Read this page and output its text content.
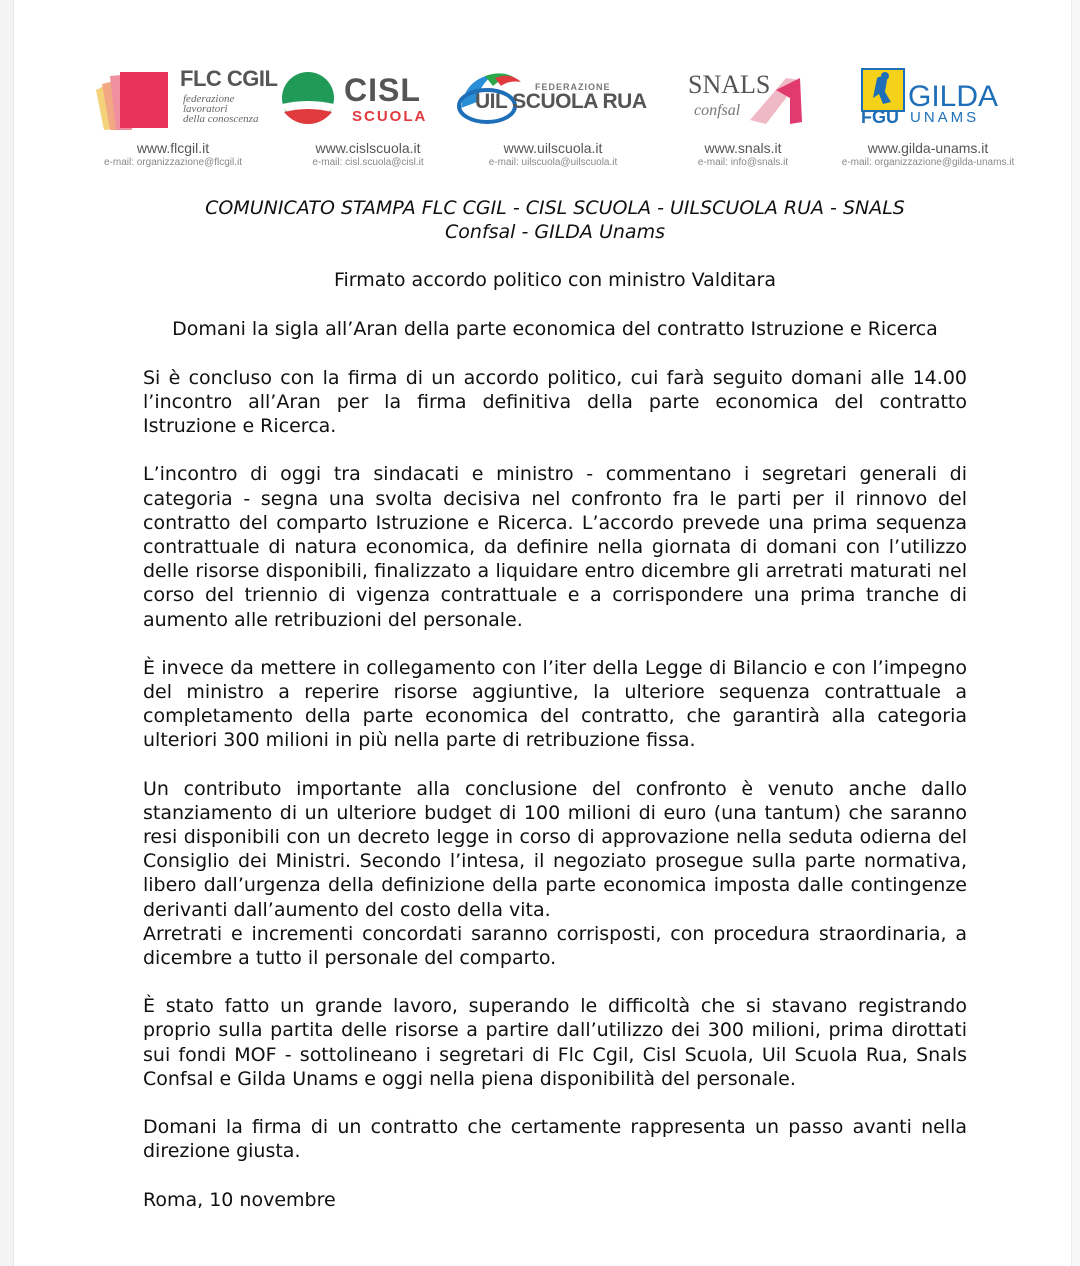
FLC CGIL
federazione
lavoratori
della conoscenza
www.flcgil.it
e-mail: organizzazione@flcgil.it
CISL
SCUOLA
www.cislscuola.it
e-mail: cisl.scuola@cisl.it
FEDERAZIONE
UIL SCUOLA RUA
www.uilscuola.it
e-mail: uilscuola@uilscuola.it
SNALS
confsal
www.snals.it
e-mail: info@snals.it
FGU
GILDA
UNAMS
www.gilda-unams.it
e-mail: organizzazione@gilda-unams.it
COMUNICATO STAMPA FLC CGIL - CISL SCUOLA - UILSCUOLA RUA - SNALS
Confsal - GILDA Unams

Firmato accordo politico con ministro Valditara

Domani la sigla all’Aran della parte economica del contratto Istruzione e Ricerca

Si è concluso con la firma di un accordo politico, cui farà seguito domani alle 14.00 l’incontro all’Aran per la firma definitiva della parte economica del contratto Istruzione e Ricerca.

L’incontro di oggi tra sindacati e ministro - commentano i segretari generali di categoria - segna una svolta decisiva nel confronto fra le parti per il rinnovo del contratto del comparto Istruzione e Ricerca. L’accordo prevede una prima sequenza contrattuale di natura economica, da definire nella giornata di domani con l’utilizzo delle risorse disponibili, finalizzato a liquidare entro dicembre gli arretrati maturati nel corso del triennio di vigenza contrattuale e a corrispondere una prima tranche di aumento alle retribuzioni del personale.

È invece da mettere in collegamento con l’iter della Legge di Bilancio e con l’impegno del ministro a reperire risorse aggiuntive, la ulteriore sequenza contrattuale a completamento della parte economica del contratto, che garantirà alla categoria ulteriori 300 milioni in più nella parte di retribuzione fissa.

Un contributo importante alla conclusione del confronto è venuto anche dallo stanziamento di un ulteriore budget di 100 milioni di euro (una tantum) che saranno resi disponibili con un decreto legge in corso di approvazione nella seduta odierna del Consiglio dei Ministri. Secondo l’intesa, il negoziato prosegue sulla parte normativa, libero dall’urgenza della definizione della parte economica imposta dalle contingenze derivanti dall’aumento del costo della vita.

Arretrati e incrementi concordati saranno corrisposti, con procedura straordinaria, a dicembre a tutto il personale del comparto.

È stato fatto un grande lavoro, superando le difficoltà che si stavano registrando proprio sulla partita delle risorse a partire dall’utilizzo dei 300 milioni, prima dirottati sui fondi MOF - sottolineano i segretari di Flc Cgil, Cisl Scuola, Uil Scuola Rua, Snals Confsal e Gilda Unams e oggi nella piena disponibilità del personale.

Domani la firma di un contratto che certamente rappresenta un passo avanti nella direzione giusta.

Roma, 10 novembre
